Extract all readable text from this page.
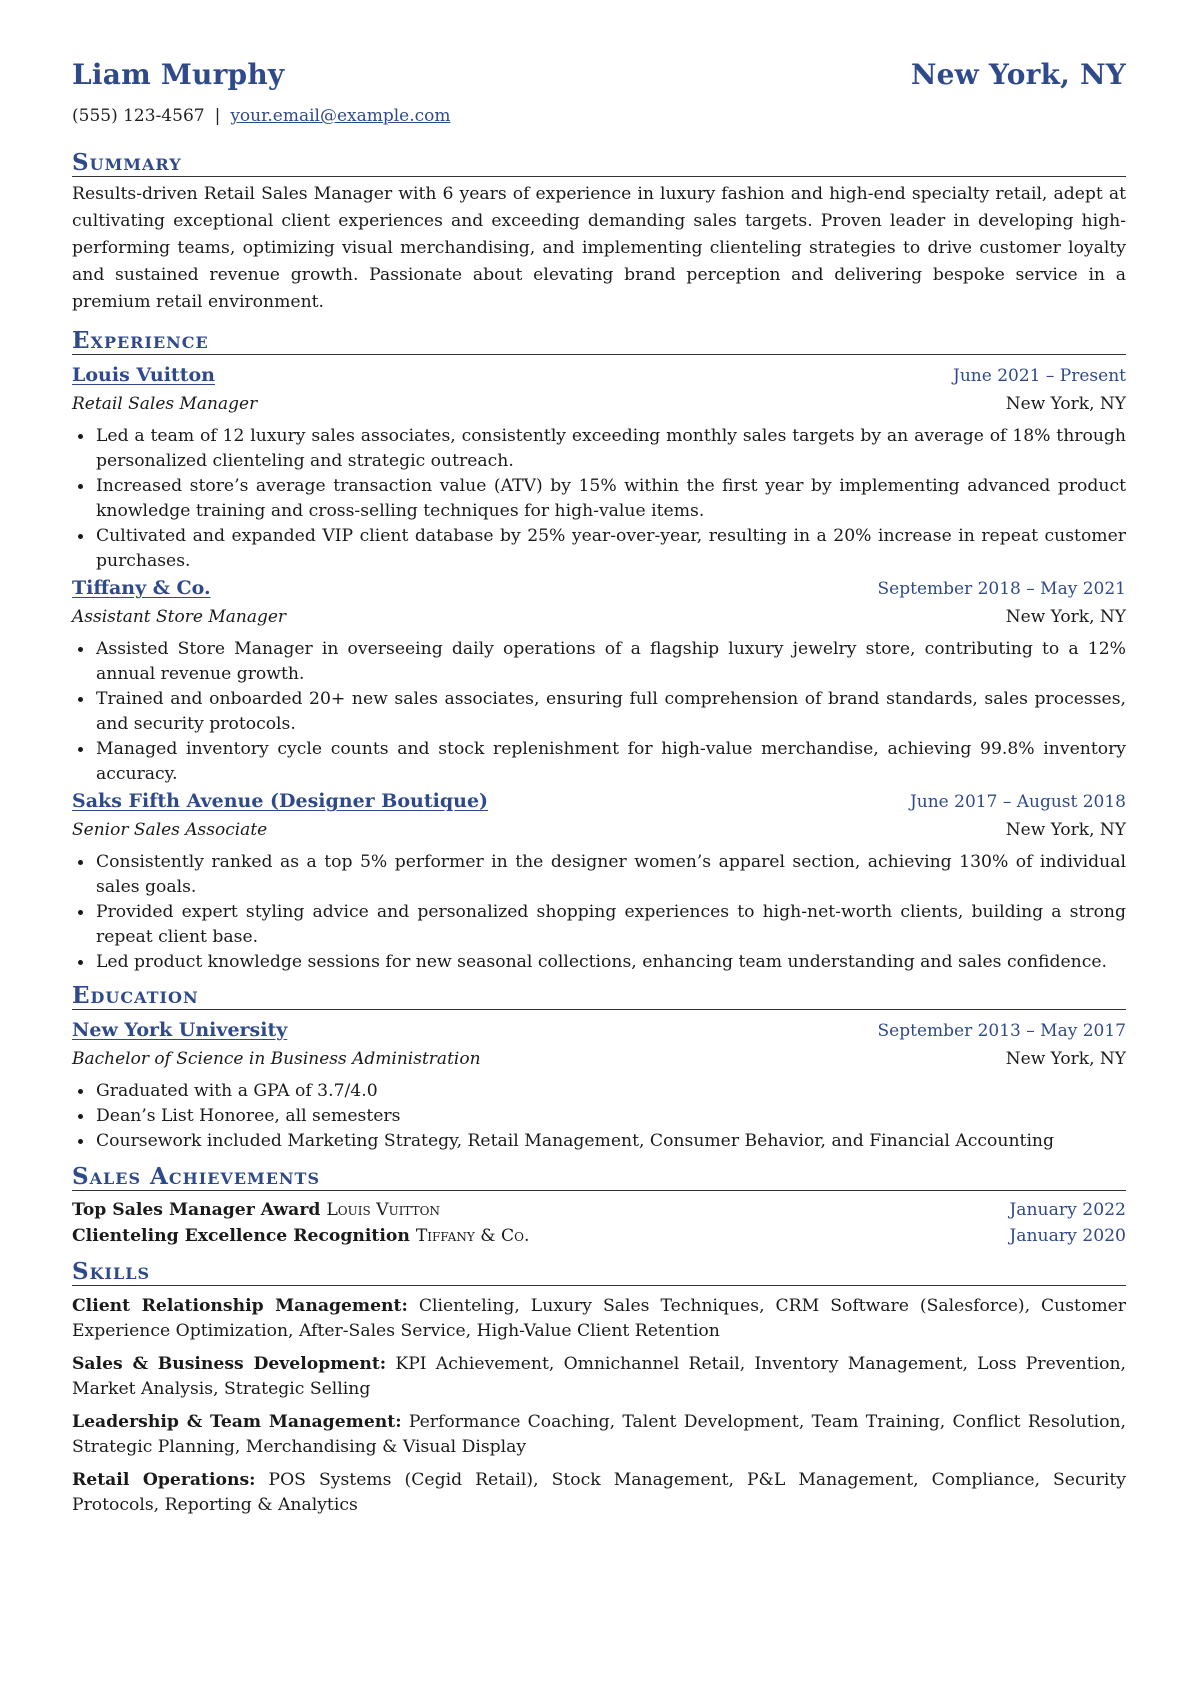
Liam Murphy	New York, NY
(555) 123-4567 | your.email@example.com
Summary
Results-driven Retail Sales Manager with 6 years of experience in luxury fashion and high-end specialty retail, adept at cultivating exceptional client experiences and exceeding demanding sales targets. Proven leader in developing high-performing teams, optimizing visual merchandising, and implementing clienteling strategies to drive customer loyalty and sustained revenue growth. Passionate about elevating brand perception and delivering bespoke service in a premium retail environment.
Experience
Louis Vuitton	June 2021 – Present
Retail Sales Manager	New York, NY
Led a team of 12 luxury sales associates, consistently exceeding monthly sales targets by an average of 18% through personalized clienteling and strategic outreach.
Increased store’s average transaction value (ATV) by 15% within the first year by implementing advanced product knowledge training and cross-selling techniques for high-value items.
Cultivated and expanded VIP client database by 25% year-over-year, resulting in a 20% increase in repeat customer purchases.
Tiffany & Co.	September 2018 – May 2021
Assistant Store Manager	New York, NY
Assisted Store Manager in overseeing daily operations of a flagship luxury jewelry store, contributing to a 12% annual revenue growth.
Trained and onboarded 20+ new sales associates, ensuring full comprehension of brand standards, sales processes, and security protocols.
Managed inventory cycle counts and stock replenishment for high-value merchandise, achieving 99.8% inventory accuracy.
Saks Fifth Avenue (Designer Boutique)	June 2017 – August 2018
Senior Sales Associate	New York, NY
Consistently ranked as a top 5% performer in the designer women’s apparel section, achieving 130% of individual sales goals.
Provided expert styling advice and personalized shopping experiences to high-net-worth clients, building a strong repeat client base.
Led product knowledge sessions for new seasonal collections, enhancing team understanding and sales confidence.
Education
New York University	September 2013 – May 2017
Bachelor of Science in Business Administration	New York, NY
Graduated with a GPA of 3.7/4.0
Dean’s List Honoree, all semesters
Coursework included Marketing Strategy, Retail Management, Consumer Behavior, and Financial Accounting
Sales Achievements
Top Sales Manager Award Louis Vuitton	January 2022
Clienteling Excellence Recognition Tiffany & Co.	January 2020
Skills
Client Relationship Management: Clienteling, Luxury Sales Techniques, CRM Software (Salesforce), Customer Experience Optimization, After-Sales Service, High-Value Client Retention
Sales & Business Development: KPI Achievement, Omnichannel Retail, Inventory Management, Loss Prevention, Market Analysis, Strategic Selling
Leadership & Team Management: Performance Coaching, Talent Development, Team Training, Conflict Resolution, Strategic Planning, Merchandising & Visual Display
Retail Operations: POS Systems (Cegid Retail), Stock Management, P&L Management, Compliance, Security Protocols, Reporting & Analytics
